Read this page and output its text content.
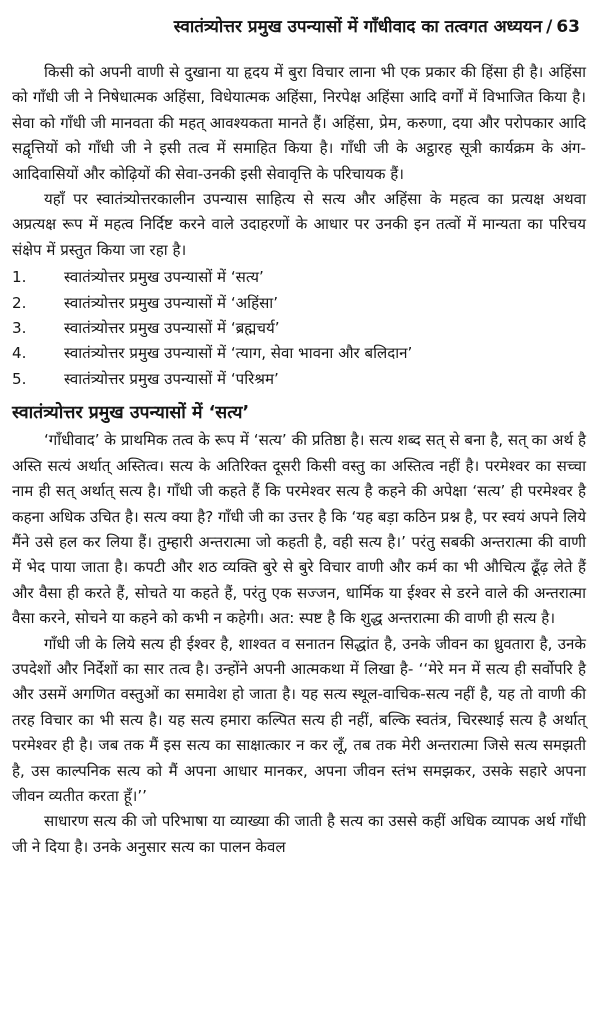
स्वातंत्र्योत्तर प्रमुख उपन्यासों में गाँधीवाद का तत्वगत अध्ययन / 63

किसी को अपनी वाणी से दुखाना या हृदय में बुरा विचार लाना भी एक प्रकार की हिंसा ही है। अहिंसा को गाँधी जी ने निषेधात्मक अहिंसा, विधेयात्मक अहिंसा, निरपेक्ष अहिंसा आदि वर्गों में विभाजित किया है। सेवा को गाँधी जी मानवता की महत् आवश्यकता मानते हैं। अहिंसा, प्रेम, करुणा, दया और परोपकार आदि सद्वृत्तियों को गाँधी जी ने इसी तत्व में समाहित किया है। गाँधी जी के अट्ठारह सूत्री कार्यक्रम के अंग-आदिवासियों और कोढ़ियों की सेवा-उनकी इसी सेवावृत्ति के परिचायक हैं।

यहाँ पर स्वातंत्र्योत्तरकालीन उपन्यास साहित्य से सत्य और अहिंसा के महत्व का प्रत्यक्ष अथवा अप्रत्यक्ष रूप में महत्व निर्दिष्ट करने वाले उदाहरणों के आधार पर उनकी इन तत्वों में मान्यता का परिचय संक्षेप में प्रस्तुत किया जा रहा है।

1.	स्वातंत्र्योत्तर प्रमुख उपन्यासों में ‘सत्य’
2.	स्वातंत्र्योत्तर प्रमुख उपन्यासों में ‘अहिंसा’
3.	स्वातंत्र्योत्तर प्रमुख उपन्यासों में ‘ब्रह्मचर्य’
4.	स्वातंत्र्योत्तर प्रमुख उपन्यासों में ‘त्याग, सेवा भावना और बलिदान’
5.	स्वातंत्र्योत्तर प्रमुख उपन्यासों में ‘परिश्रम’
स्वातंत्र्योत्तर प्रमुख उपन्यासों में ‘सत्य’

‘गाँधीवाद’ के प्राथमिक तत्व के रूप में ‘सत्य’ की प्रतिष्ठा है। सत्य शब्द सत् से बना है, सत् का अर्थ है अस्ति सत्यं अर्थात् अस्तित्व। सत्य के अतिरिक्त दूसरी किसी वस्तु का अस्तित्व नहीं है। परमेश्वर का सच्चा नाम ही सत् अर्थात् सत्य है। गाँधी जी कहते हैं कि परमेश्वर सत्य है कहने की अपेक्षा ‘सत्य’ ही परमेश्वर है कहना अधिक उचित है। सत्य क्या है? गाँधी जी का उत्तर है कि ‘यह बड़ा कठिन प्रश्न है, पर स्वयं अपने लिये मैंने उसे हल कर लिया हैं। तुम्हारी अन्तरात्मा जो कहती है, वही सत्य है।’ परंतु सबकी अन्तरात्मा की वाणी में भेद पाया जाता है। कपटी और शठ व्यक्ति बुरे से बुरे विचार वाणी और कर्म का भी औचित्य ढूँढ़ लेते हैं और वैसा ही करते हैं, सोचते या कहते हैं, परंतु एक सज्जन, धार्मिक या ईश्वर से डरने वाले की अन्तरात्मा वैसा करने, सोचने या कहने को कभी न कहेगी। अत: स्पष्ट है कि शुद्ध अन्तरात्मा की वाणी ही सत्य है।

गाँधी जी के लिये सत्य ही ईश्वर है, शाश्वत व सनातन सिद्धांत है, उनके जीवन का ध्रुवतारा है, उनके उपदेशों और निर्देशों का सार तत्व है। उन्होंने अपनी आत्मकथा में लिखा है- ‘‘मेरे मन में सत्य ही सर्वोपरि है और उसमें अगणित वस्तुओं का समावेश हो जाता है। यह सत्य स्थूल-वाचिक-सत्य नहीं है, यह तो वाणी की तरह विचार का भी सत्य है। यह सत्य हमारा कल्पित सत्य ही नहीं, बल्कि स्वतंत्र, चिरस्थाई सत्य है अर्थात् परमेश्वर ही है। जब तक मैं इस सत्य का साक्षात्कार न कर लूँ, तब तक मेरी अन्तरात्मा जिसे सत्य समझती है, उस काल्पनिक सत्य को मैं अपना आधार मानकर, अपना जीवन स्तंभ समझकर, उसके सहारे अपना जीवन व्यतीत करता हूँ।’’

साधारण सत्य की जो परिभाषा या व्याख्या की जाती है सत्य का उससे कहीं अधिक व्यापक अर्थ गाँधी जी ने दिया है। उनके अनुसार सत्य का पालन केवल
